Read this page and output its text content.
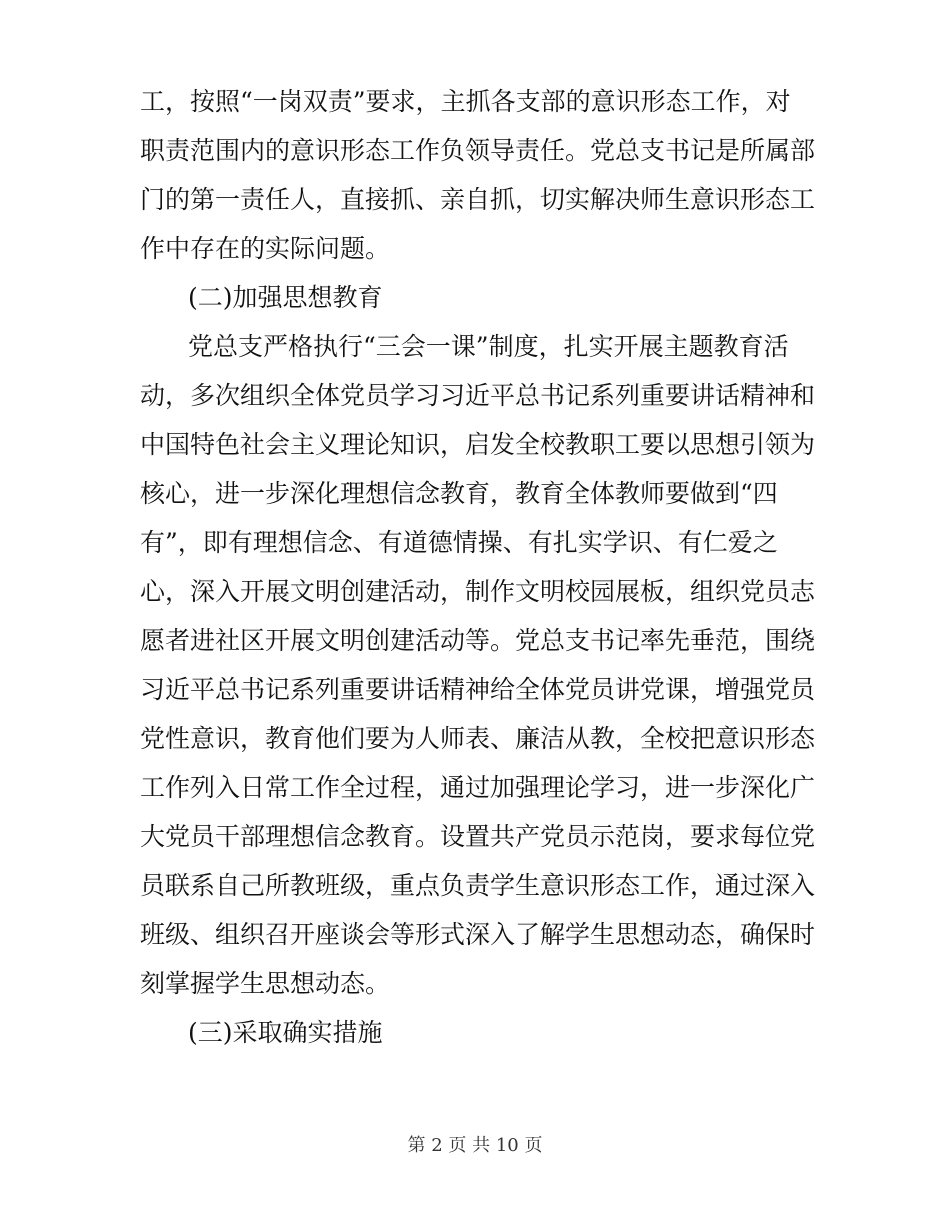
工，按照“一岗双责”要求，主抓各支部的意识形态工作，对
职责范围内的意识形态工作负领导责任。党总支书记是所属部
门的第一责任人，直接抓、亲自抓，切实解决师生意识形态工
作中存在的实际问题。
(二)加强思想教育
党总支严格执行“三会一课”制度，扎实开展主题教育活
动，多次组织全体党员学习习近平总书记系列重要讲话精神和
中国特色社会主义理论知识，启发全校教职工要以思想引领为
核心，进一步深化理想信念教育，教育全体教师要做到“四
有”，即有理想信念、有道德情操、有扎实学识、有仁爱之
心，深入开展文明创建活动，制作文明校园展板，组织党员志
愿者进社区开展文明创建活动等。党总支书记率先垂范，围绕
习近平总书记系列重要讲话精神给全体党员讲党课，增强党员
党性意识，教育他们要为人师表、廉洁从教，全校把意识形态
工作列入日常工作全过程，通过加强理论学习，进一步深化广
大党员干部理想信念教育。设置共产党员示范岗，要求每位党
员联系自己所教班级，重点负责学生意识形态工作，通过深入
班级、组织召开座谈会等形式深入了解学生思想动态，确保时
刻掌握学生思想动态。
(三)采取确实措施
第 2 页 共 10 页
